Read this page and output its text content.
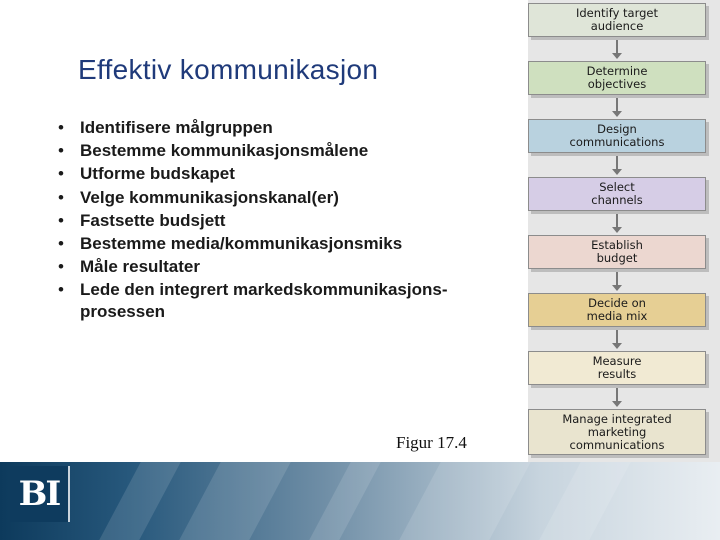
Effektiv kommunikasjon
• Identifisere målgruppen
• Bestemme kommunikasjonsmålene
• Utforme budskapet
• Velge kommunikasjonskanal(er)
• Fastsette budsjett
• Bestemme media/kommunikasjonsmiks
• Måle resultater
• Lede den integrert markedskommunikasjons-prosessen
Figur 17.4
Identify target
audience
Determine
objectives
Design
communications
Select
channels
Establish
budget
Decide on
media mix
Measure
results
Manage integrated
marketing
communications
BI
